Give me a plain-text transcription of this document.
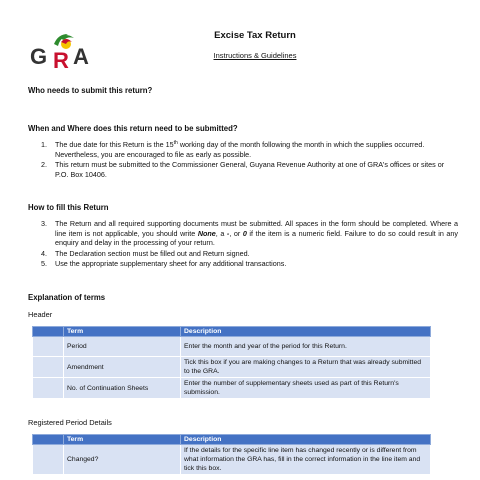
G R A
Excise Tax Return
Instructions & Guidelines
Who needs to submit this return?
When and Where does this return need to be submitted?
1. The due date for this Return is the 15th working day of the month following the month in which the supplies occurred. Nevertheless, you are encouraged to file as early as possible.
2. This return must be submitted to the Commissioner General, Guyana Revenue Authority at one of GRA's offices or sites or P.O. Box 10406.
How to fill this Return
3. The Return and all required supporting documents must be submitted. All spaces in the form should be completed. Where a line item is not applicable, you should write None, a -, or 0 if the item is a numeric field. Failure to do so could result in any enquiry and delay in the processing of your return.
4. The Declaration section must be filled out and Return signed.
5. Use the appropriate supplementary sheet for any additional transactions.
Explanation of terms
Header
	Term	Description
	Period	Enter the month and year of the period for this Return.
	Amendment	Tick this box if you are making changes to a Return that was already submitted to the GRA.
	No. of Continuation Sheets	Enter the number of supplementary sheets used as part of this Return's submission.
Registered Period Details
	Term	Description
	Changed?	If the details for the specific line item has changed recently or is different from what information the GRA has, fill in the correct information in the line item and tick this box.
